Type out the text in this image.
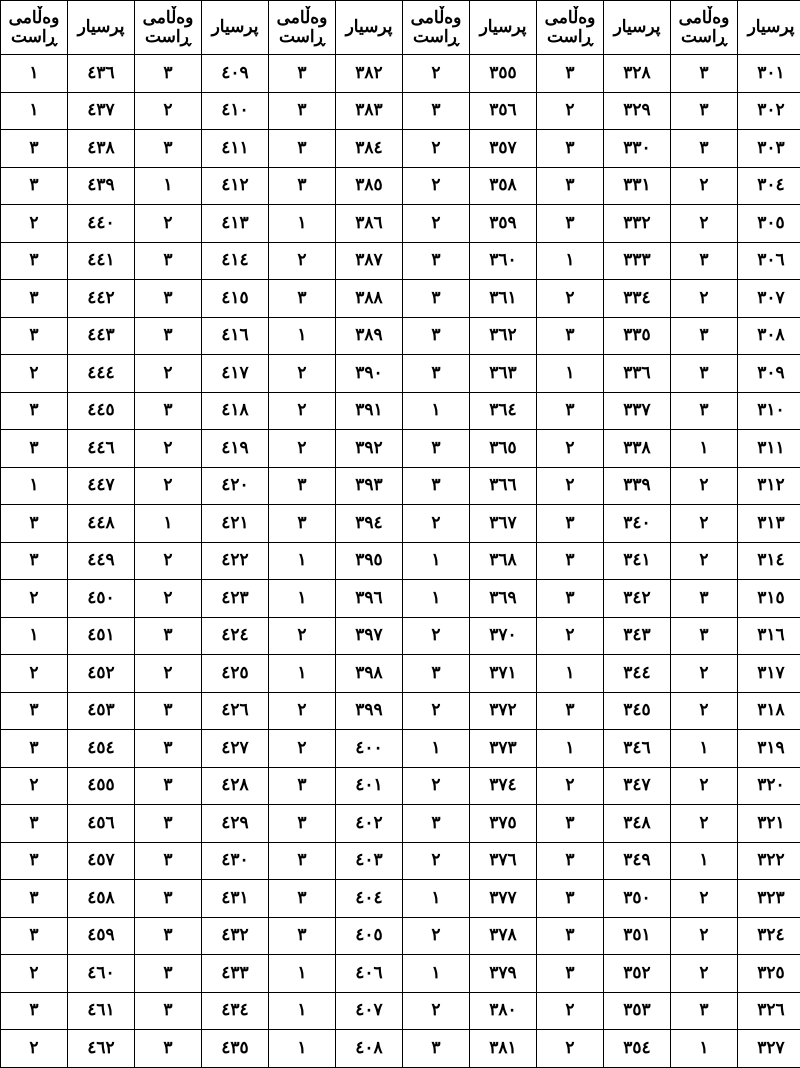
پرسیار	وەڵامی ڕاست	پرسیار	وەڵامی ڕاست	پرسیار	وەڵامی ڕاست	پرسیار	وەڵامی ڕاست	پرسیار	وەڵامی ڕاست	پرسیار	وەڵامی ڕاست
٣٠١	٣	٣٢٨	٣	٣٥٥	٢	٣٨٢	٣	٤٠٩	٣	٤٣٦	١
٣٠٢	٣	٣٢٩	٢	٣٥٦	٣	٣٨٣	٣	٤١٠	٢	٤٣٧	١
٣٠٣	٣	٣٣٠	٣	٣٥٧	٢	٣٨٤	٣	٤١١	٣	٤٣٨	٣
٣٠٤	٢	٣٣١	٣	٣٥٨	٢	٣٨٥	٣	٤١٢	١	٤٣٩	٣
٣٠٥	٢	٣٣٢	٣	٣٥٩	٢	٣٨٦	١	٤١٣	٢	٤٤٠	٢
٣٠٦	٣	٣٣٣	١	٣٦٠	٣	٣٨٧	٢	٤١٤	٣	٤٤١	٣
٣٠٧	٢	٣٣٤	٢	٣٦١	٣	٣٨٨	٣	٤١٥	٣	٤٤٢	٣
٣٠٨	٣	٣٣٥	٣	٣٦٢	٣	٣٨٩	١	٤١٦	٣	٤٤٣	٣
٣٠٩	٣	٣٣٦	١	٣٦٣	٣	٣٩٠	٢	٤١٧	٢	٤٤٤	٢
٣١٠	٣	٣٣٧	٣	٣٦٤	١	٣٩١	٢	٤١٨	٣	٤٤٥	٣
٣١١	١	٣٣٨	٢	٣٦٥	٣	٣٩٢	٢	٤١٩	٢	٤٤٦	٣
٣١٢	٢	٣٣٩	٢	٣٦٦	٣	٣٩٣	٣	٤٢٠	٢	٤٤٧	١
٣١٣	٢	٣٤٠	٣	٣٦٧	٢	٣٩٤	٣	٤٢١	١	٤٤٨	٣
٣١٤	٢	٣٤١	٣	٣٦٨	١	٣٩٥	١	٤٢٢	٢	٤٤٩	٣
٣١٥	٣	٣٤٢	٣	٣٦٩	١	٣٩٦	١	٤٢٣	٢	٤٥٠	٢
٣١٦	٣	٣٤٣	٢	٣٧٠	٢	٣٩٧	٢	٤٢٤	٣	٤٥١	١
٣١٧	٢	٣٤٤	١	٣٧١	٣	٣٩٨	١	٤٢٥	٢	٤٥٢	٢
٣١٨	٢	٣٤٥	٣	٣٧٢	٢	٣٩٩	٢	٤٢٦	٣	٤٥٣	٣
٣١٩	١	٣٤٦	١	٣٧٣	١	٤٠٠	٢	٤٢٧	٣	٤٥٤	٣
٣٢٠	٢	٣٤٧	٢	٣٧٤	٢	٤٠١	٣	٤٢٨	٣	٤٥٥	٢
٣٢١	٢	٣٤٨	٣	٣٧٥	٣	٤٠٢	٣	٤٢٩	٣	٤٥٦	٣
٣٢٢	١	٣٤٩	٣	٣٧٦	٢	٤٠٣	٣	٤٣٠	٣	٤٥٧	٣
٣٢٣	٢	٣٥٠	٣	٣٧٧	١	٤٠٤	٣	٤٣١	٣	٤٥٨	٣
٣٢٤	٢	٣٥١	٣	٣٧٨	٢	٤٠٥	٣	٤٣٢	٣	٤٥٩	٣
٣٢٥	٢	٣٥٢	٣	٣٧٩	١	٤٠٦	١	٤٣٣	٣	٤٦٠	٢
٣٢٦	٣	٣٥٣	٢	٣٨٠	٢	٤٠٧	١	٤٣٤	٣	٤٦١	٣
٣٢٧	١	٣٥٤	٢	٣٨١	٣	٤٠٨	١	٤٣٥	٣	٤٦٢	٢
